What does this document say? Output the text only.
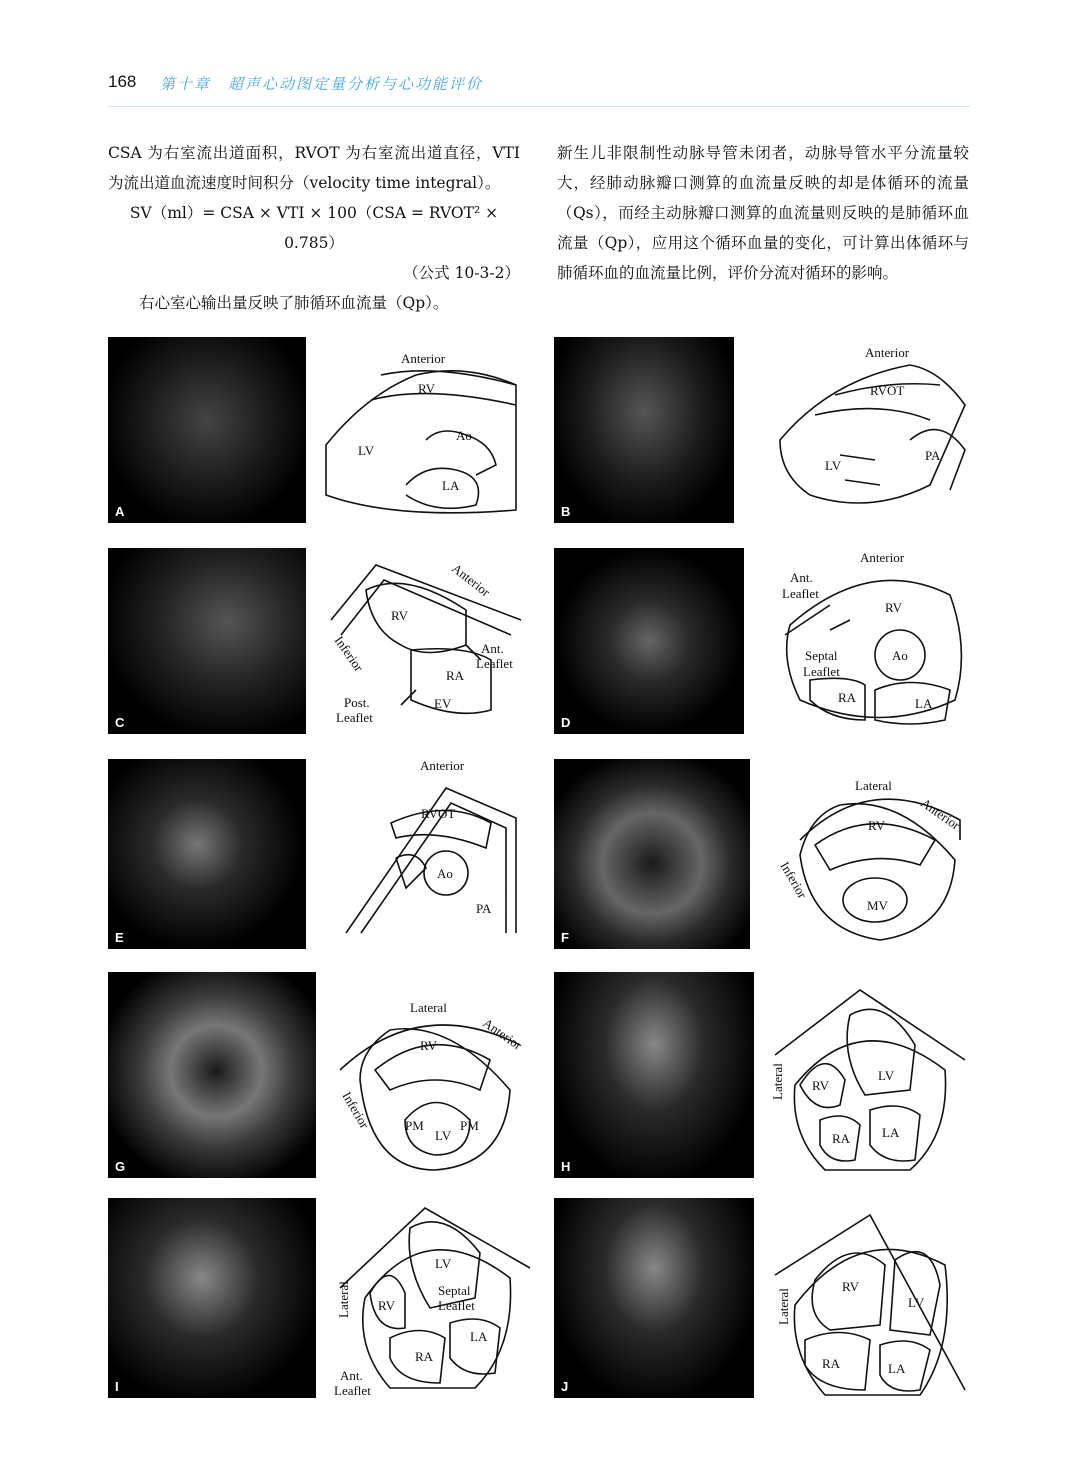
168 第十章　超声心动图定量分析与心功能评价

CSA 为右室流出道面积，RVOT 为右室流出道直径，VTI 为流出道血流速度时间积分（velocity time integral）。

SV（ml）= CSA × VTI × 100（CSA = RVOT² × 0.785）

（公式 10-3-2）

右心室心输出量反映了肺循环血流量（Qp）。

新生儿非限制性动脉导管未闭者，动脉导管水平分流量较大，经肺动脉瓣口测算的血流量反映的却是体循环的流量（Qs），而经主动脉瓣口测算的血流量则反映的是肺循环血流量（Qp），应用这个循环血量的变化，可计算出体循环与肺循环血的血流量比例，评价分流对循环的影响。

A
Anterior
RV
LV
Ao
LA
B
Anterior
RVOT
LV
PA
C
Anterior
Inferior
RV
RA
EV
Ant.
Leaflet
Post.
Leaflet	D
Anterior
Ant.
Leaflet
RV
Septal
Leaflet
Ao
RA	LA
E
Anterior
RVOT
Ao
PA
F
Lateral
Anterior
Inferior
RV
MV
G
Lateral
Anterior
Inferior
RV
PM
LV
PM
H
Lateral RV
LV
RA LA
I
Lateral
LV
RV
Septal
Leaflet
LA
RA
Ant.
Leaflet	J
Lateral
RV
LV
RA	LA
